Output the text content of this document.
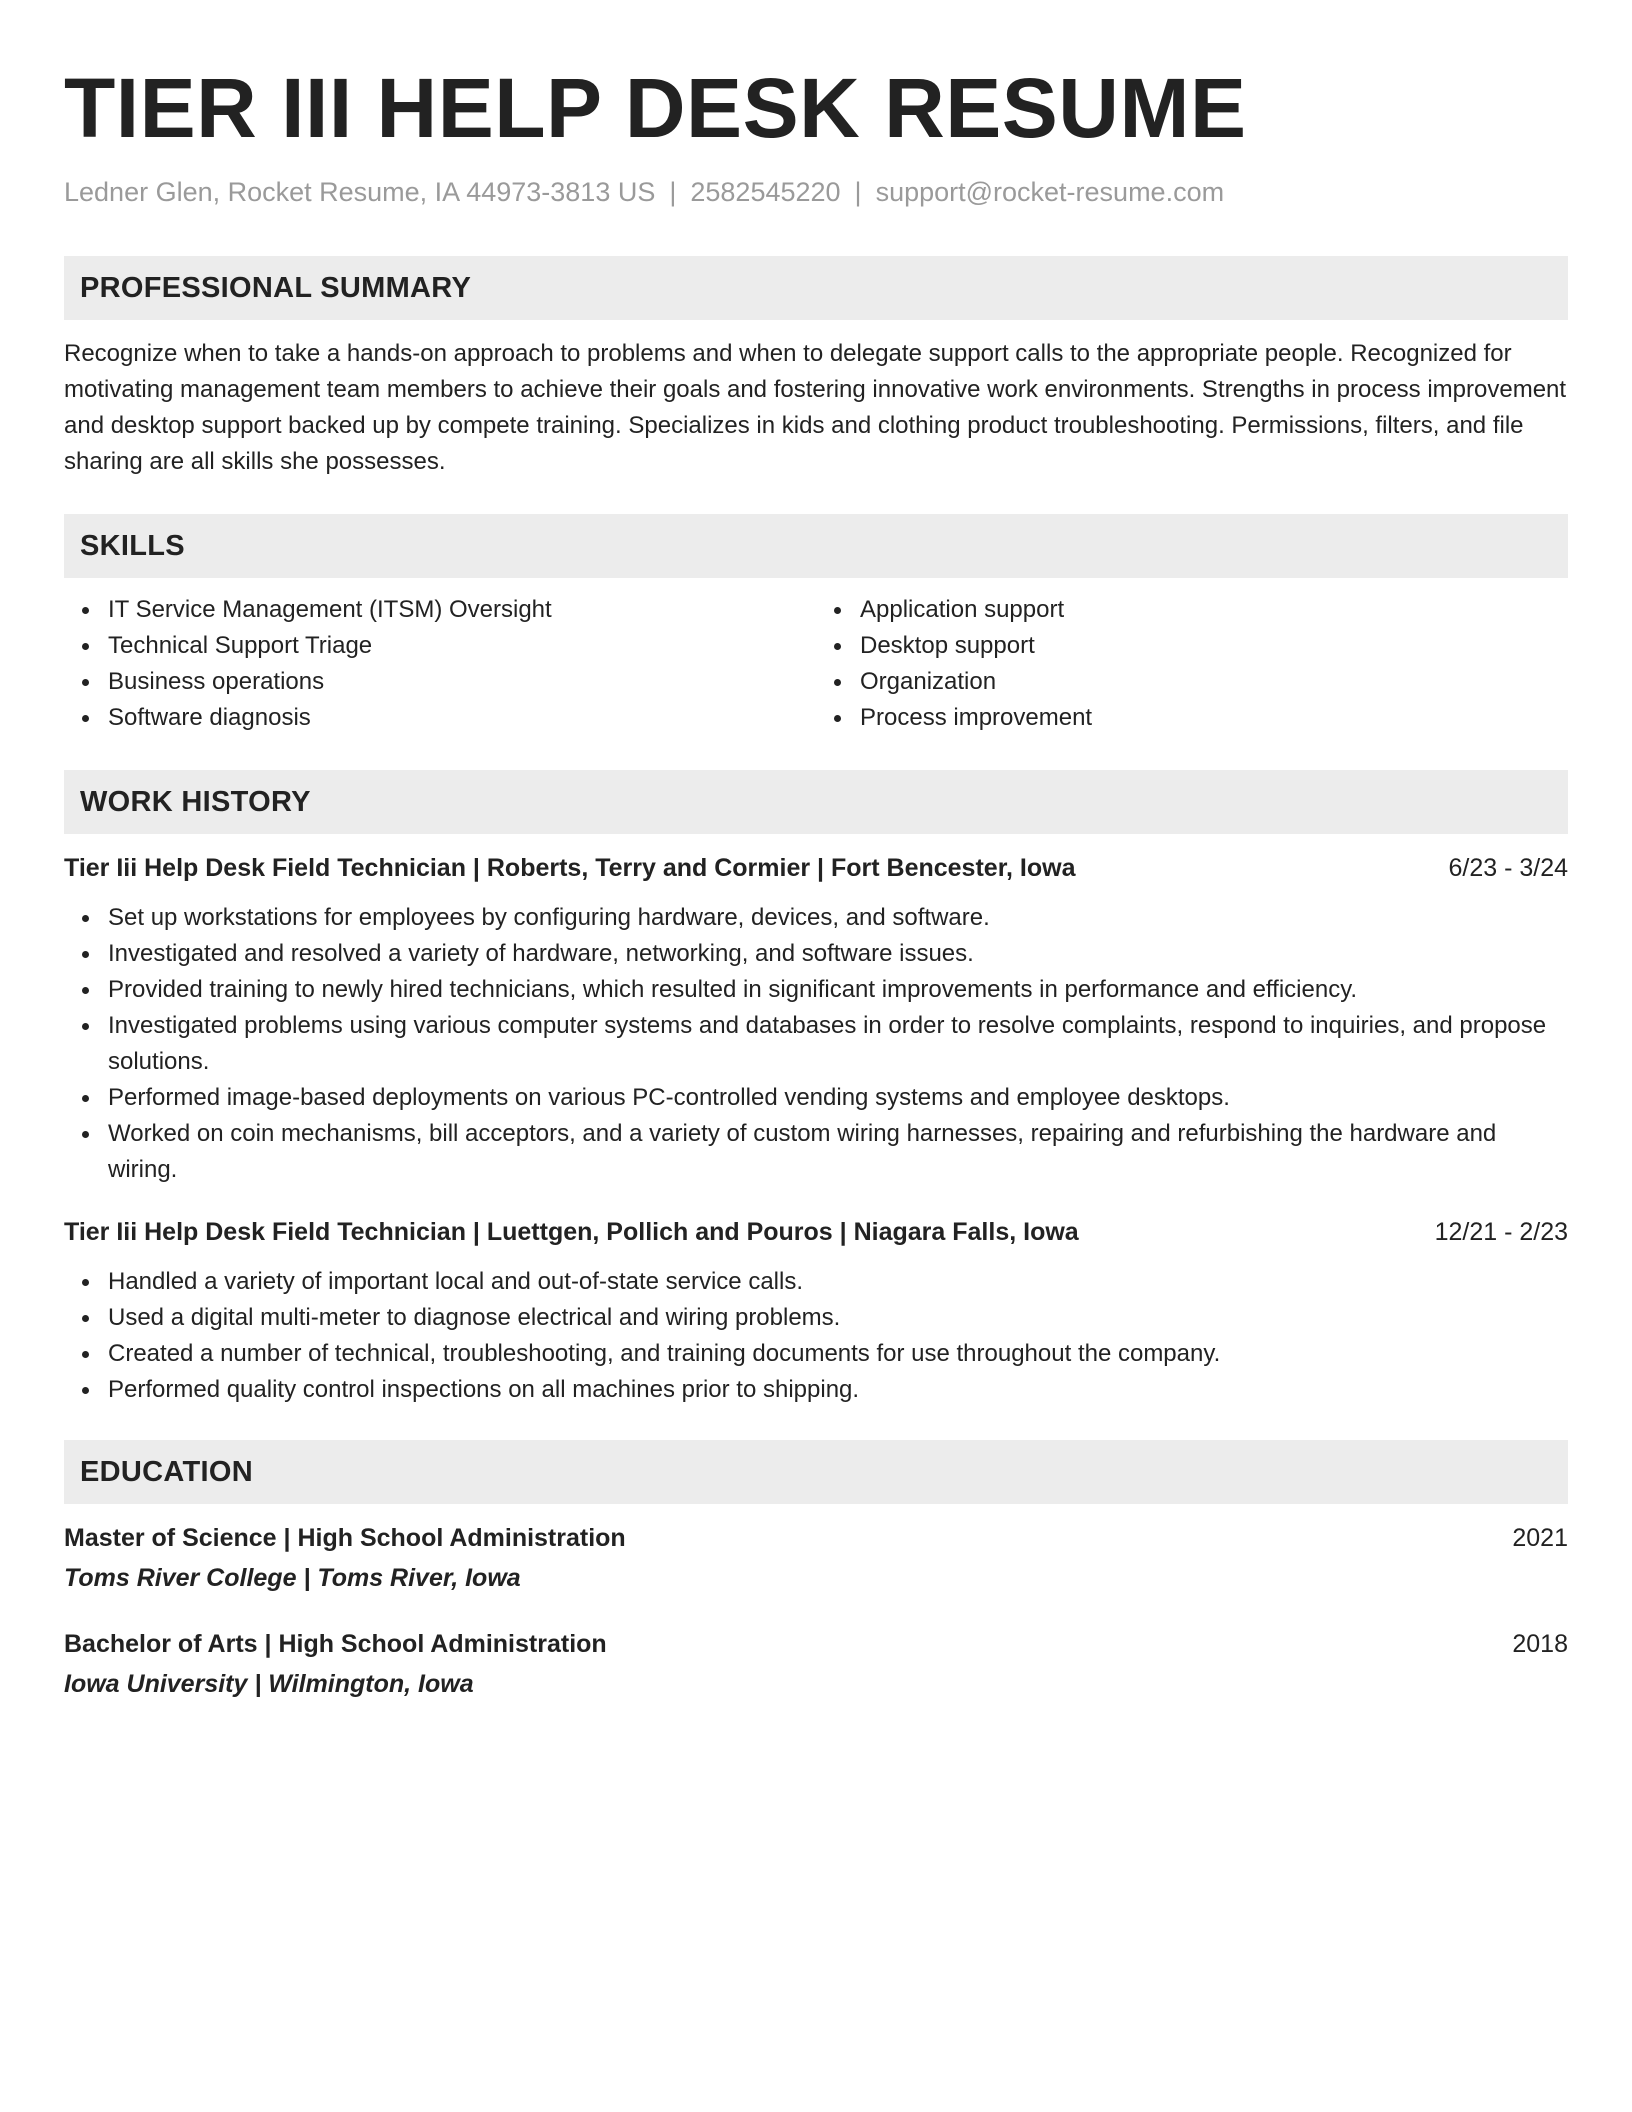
TIER III HELP DESK RESUME
Ledner Glen, Rocket Resume, IA 44973-3813 US | 2582545220 | support@rocket-resume.com
PROFESSIONAL SUMMARY
Recognize when to take a hands-on approach to problems and when to delegate support calls to the appropriate people. Recognized for motivating management team members to achieve their goals and fostering innovative work environments. Strengths in process improvement and desktop support backed up by compete training. Specializes in kids and clothing product troubleshooting. Permissions, filters, and file sharing are all skills she possesses.
SKILLS
IT Service Management (ITSM) Oversight
Technical Support Triage
Business operations
Software diagnosis
Application support
Desktop support
Organization
Process improvement
WORK HISTORY
Tier Iii Help Desk Field Technician | Roberts, Terry and Cormier | Fort Bencester, Iowa	6/23 - 3/24
Set up workstations for employees by configuring hardware, devices, and software.
Investigated and resolved a variety of hardware, networking, and software issues.
Provided training to newly hired technicians, which resulted in significant improvements in performance and efficiency.
Investigated problems using various computer systems and databases in order to resolve complaints, respond to inquiries, and propose solutions.
Performed image-based deployments on various PC-controlled vending systems and employee desktops.
Worked on coin mechanisms, bill acceptors, and a variety of custom wiring harnesses, repairing and refurbishing the hardware and wiring.
Tier Iii Help Desk Field Technician | Luettgen, Pollich and Pouros | Niagara Falls, Iowa	12/21 - 2/23
Handled a variety of important local and out-of-state service calls.
Used a digital multi-meter to diagnose electrical and wiring problems.
Created a number of technical, troubleshooting, and training documents for use throughout the company.
Performed quality control inspections on all machines prior to shipping.
EDUCATION
Master of Science | High School Administration	2021
Toms River College | Toms River, Iowa
Bachelor of Arts | High School Administration	2018
Iowa University | Wilmington, Iowa
